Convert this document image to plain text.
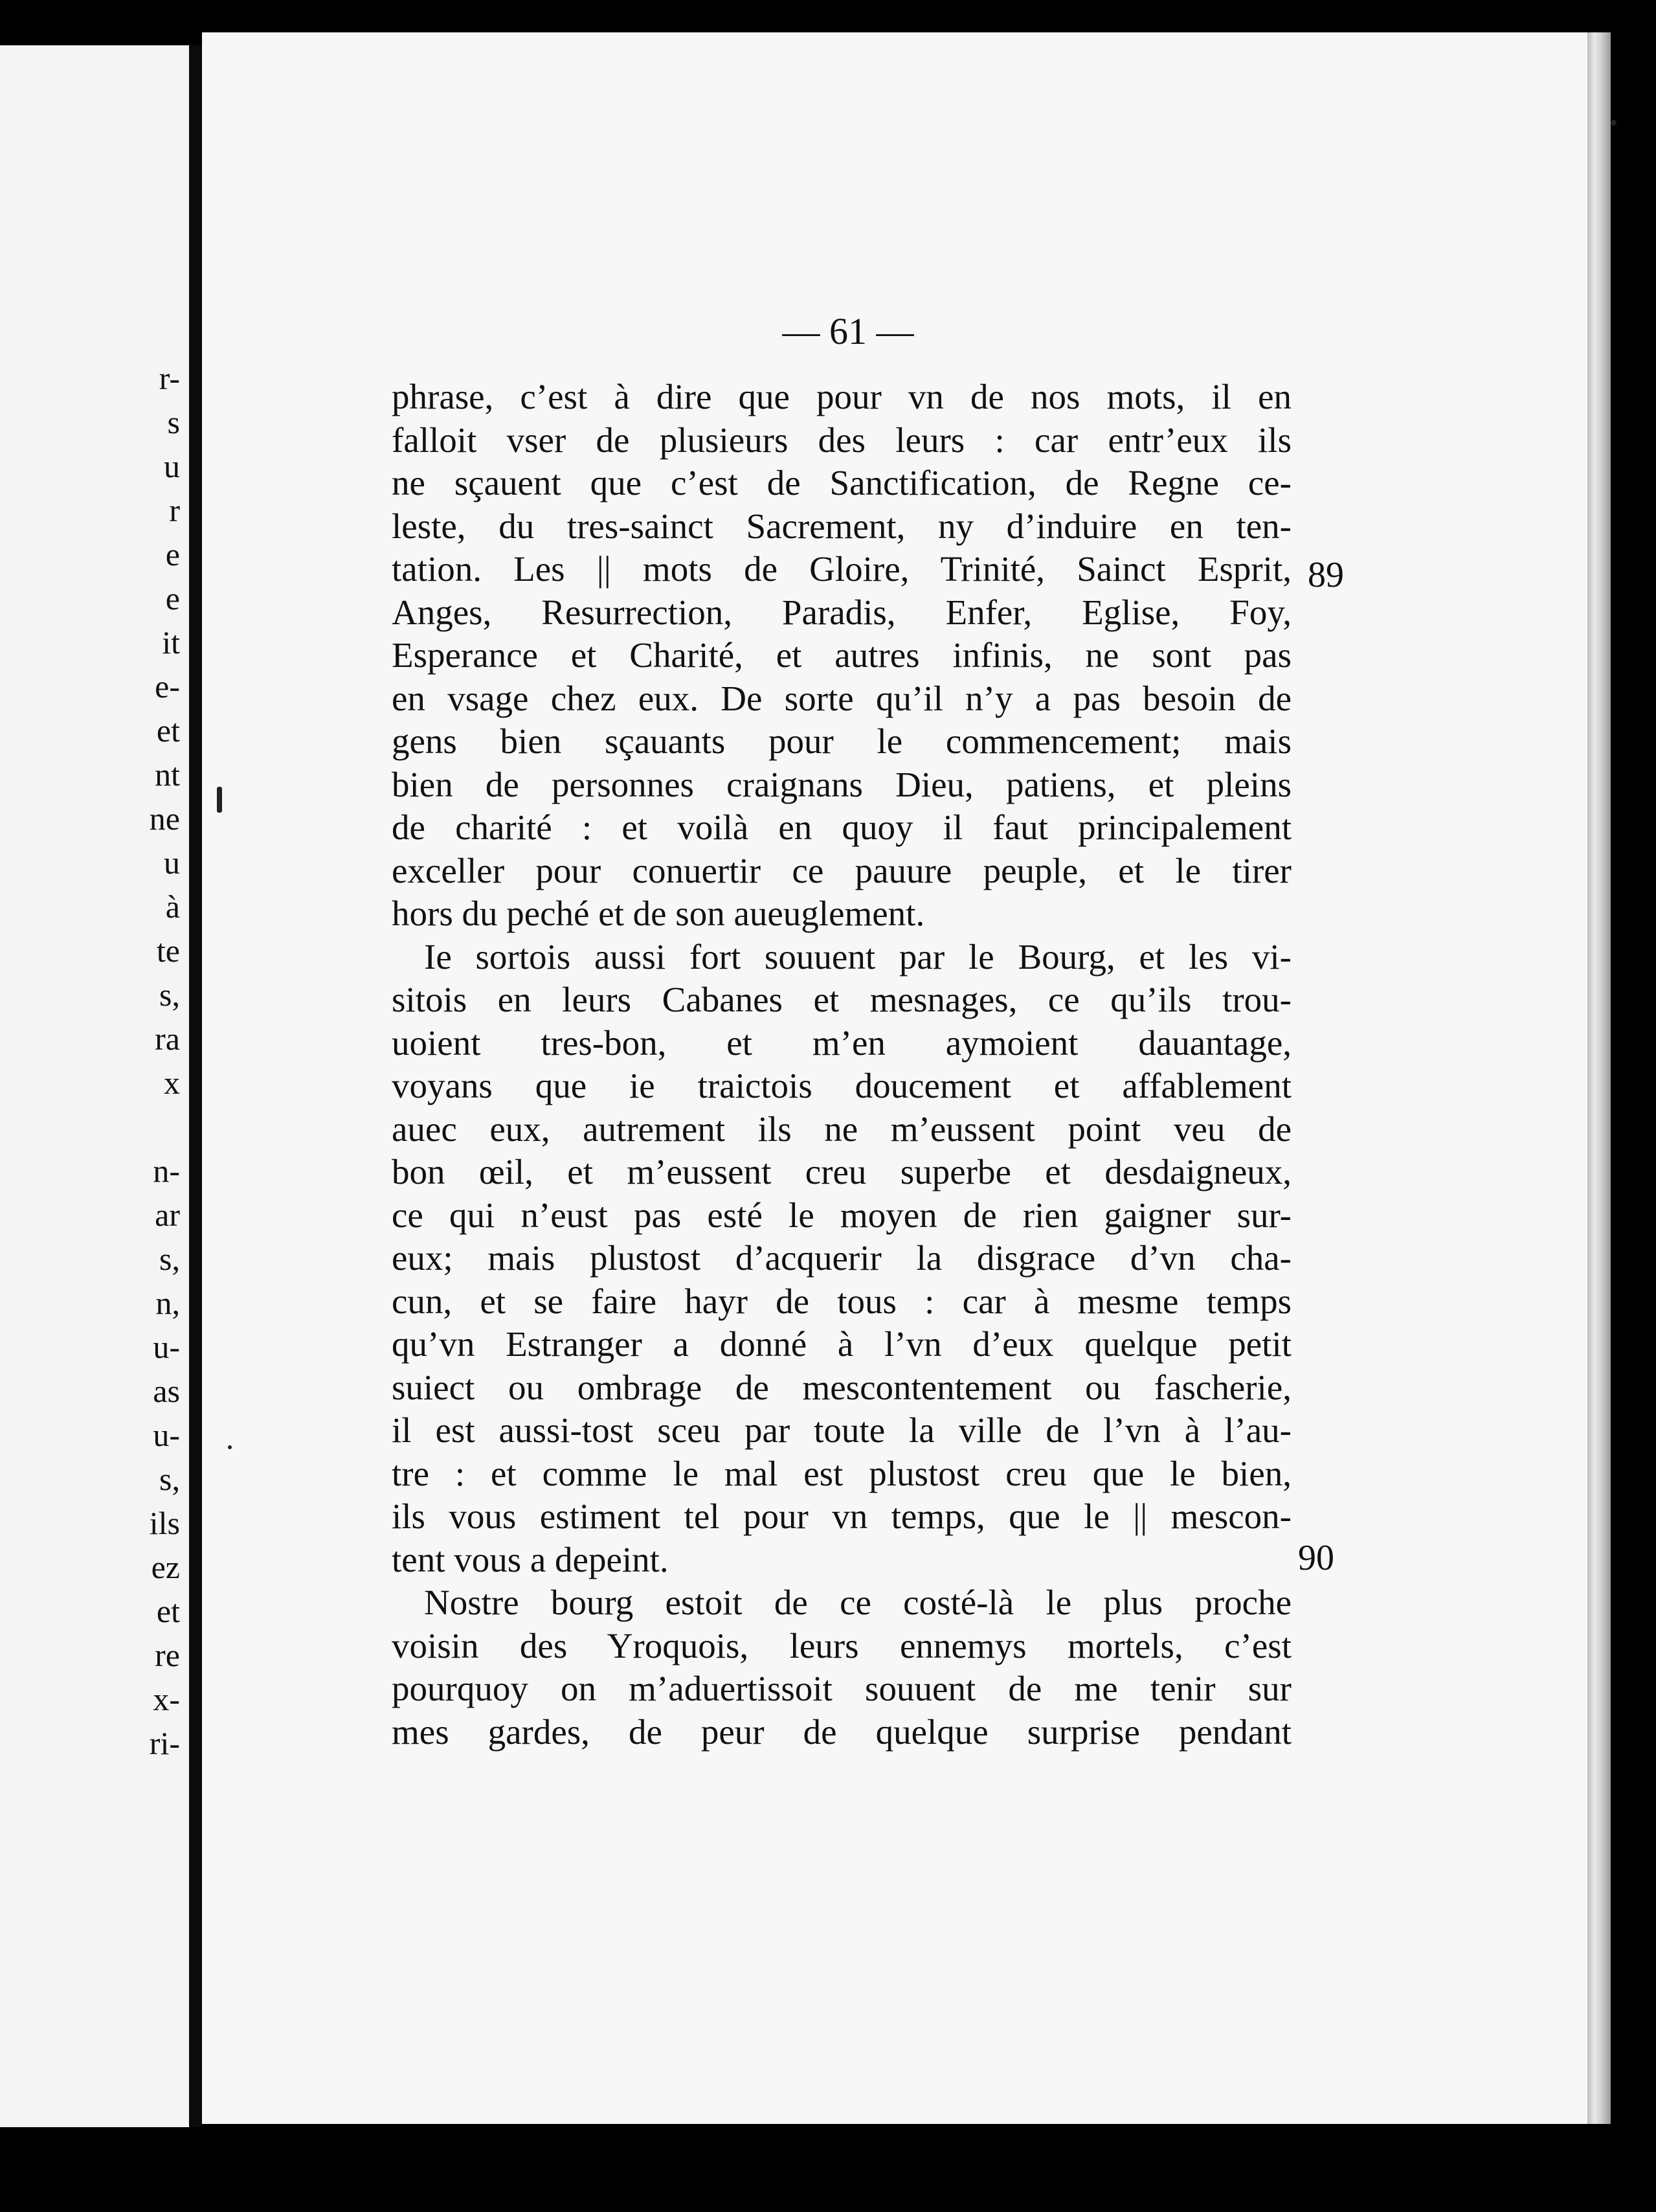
r-
s
u
r
e
e
it
e-
et
nt
ne
u
à
te
s,
ra
x
n-
ar
s,
n,
u-
as
u-
s,
ils
ez
et
re
x-
ri-
— 61 —
phrase, c’est à dire que pour vn de nos mots, il en
falloit vser de plusieurs des leurs : car entr’eux ils
ne sçauent que c’est de Sanctification, de Regne ce-
leste, du tres-sainct Sacrement, ny d’induire en ten-
tation. Les || mots de Gloire, Trinité, Sainct Esprit,
Anges, Resurrection, Paradis, Enfer, Eglise, Foy,
Esperance et Charité, et autres infinis, ne sont pas
en vsage chez eux. De sorte qu’il n’y a pas besoin de
gens bien sçauants pour le commencement; mais
bien de personnes craignans Dieu, patiens, et pleins
de charité : et voilà en quoy il faut principalement
exceller pour conuertir ce pauure peuple, et le tirer
hors du peché et de son aueuglement.
Ie sortois aussi fort souuent par le Bourg, et les vi-
sitois en leurs Cabanes et mesnages, ce qu’ils trou-
uoient tres-bon, et m’en aymoient dauantage,
voyans que ie traictois doucement et affablement
auec eux, autrement ils ne m’eussent point veu de
bon œil, et m’eussent creu superbe et desdaigneux,
ce qui n’eust pas esté le moyen de rien gaigner sur-
eux; mais plustost d’acquerir la disgrace d’vn cha-
cun, et se faire hayr de tous : car à mesme temps
qu’vn Estranger a donné à l’vn d’eux quelque petit
suiect ou ombrage de mescontentement ou fascherie,
il est aussi-tost sceu par toute la ville de l’vn à l’au-
tre : et comme le mal est plustost creu que le bien,
ils vous estiment tel pour vn temps, que le || mescon-
tent vous a depeint.
Nostre bourg estoit de ce costé-là le plus proche
voisin des Yroquois, leurs ennemys mortels, c’est
pourquoy on m’aduertissoit souuent de me tenir sur
mes gardes, de peur de quelque surprise pendant
89
90
